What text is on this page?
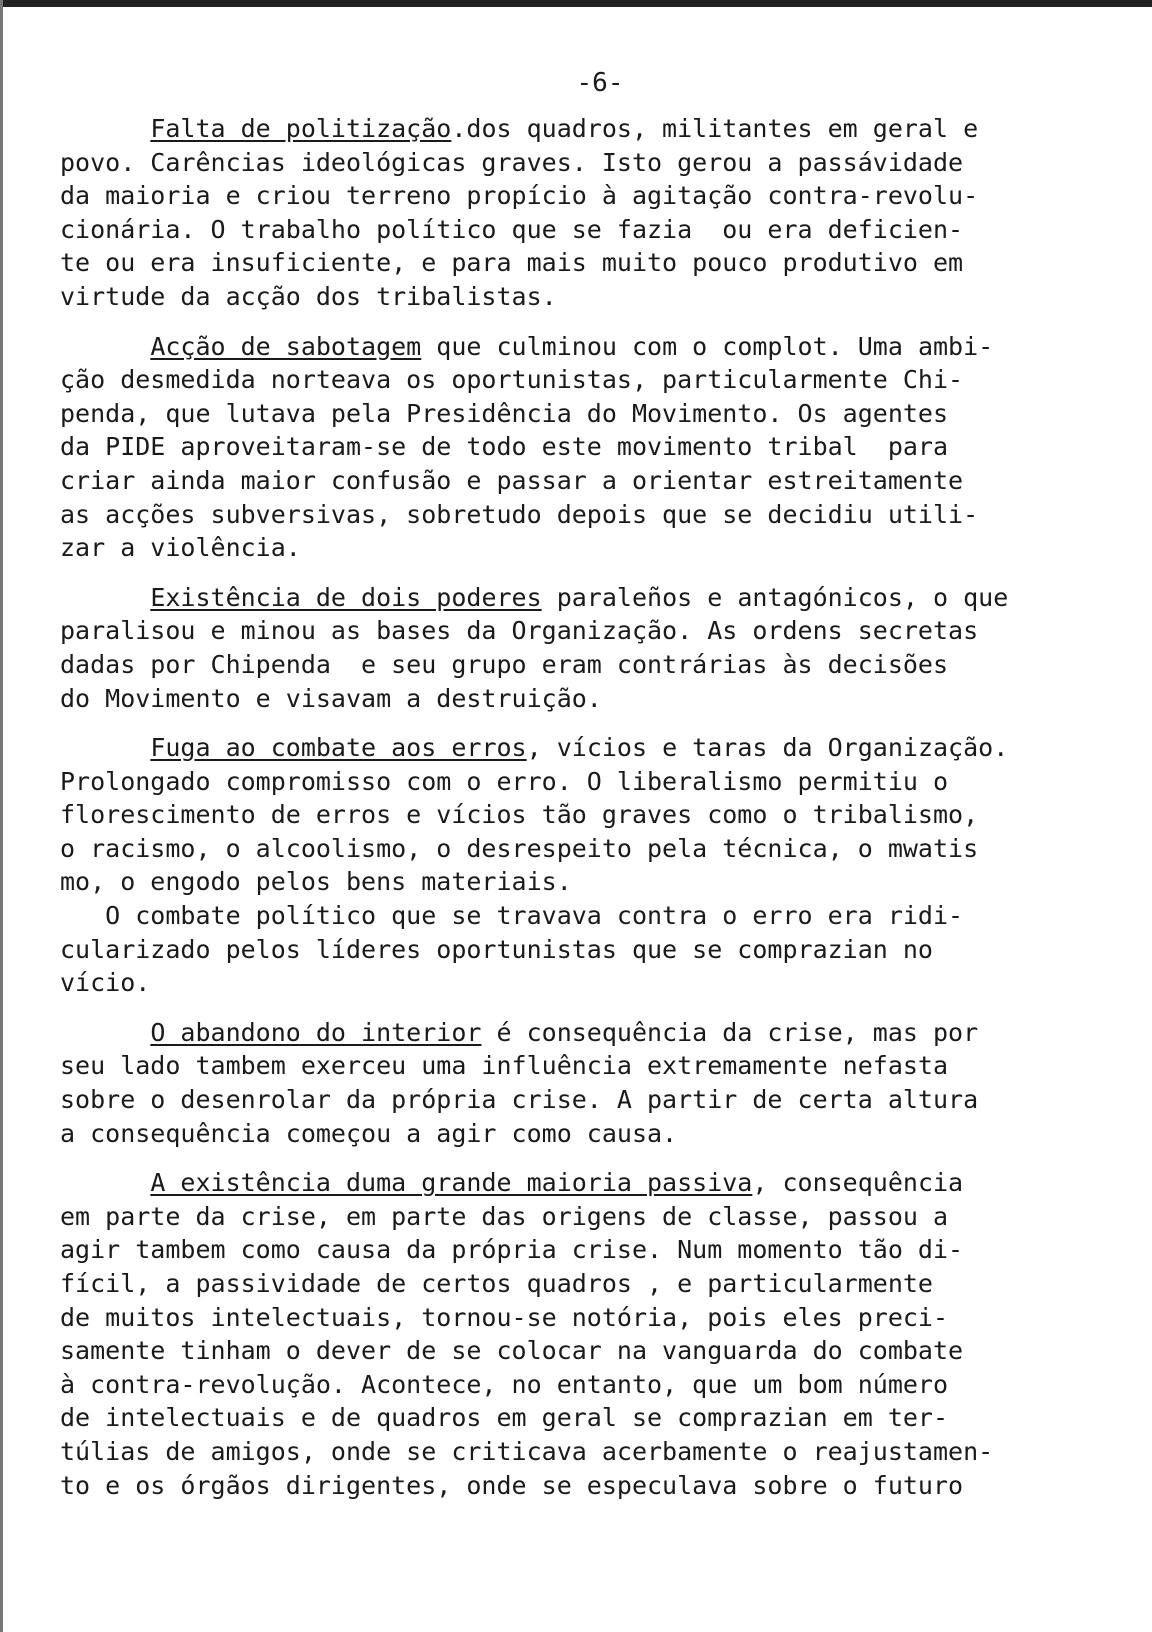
-6-
Falta de politização.dos quadros, militantes em geral e
povo. Carências ideológicas graves. Isto gerou a passávidade
da maioria e criou terreno propício à agitação contra-revolu-
cionária. O trabalho político que se fazia  ou era deficien-
te ou era insuficiente, e para mais muito pouco produtivo em
virtude da acção dos tribalistas.
Acção de sabotagem que culminou com o complot. Uma ambi-
ção desmedida norteava os oportunistas, particularmente Chi-
penda, que lutava pela Presidência do Movimento. Os agentes
da PIDE aproveitaram-se de todo este movimento tribal  para
criar ainda maior confusão e passar a orientar estreitamente
as acções subversivas, sobretudo depois que se decidiu utili-
zar a violência.
Existência de dois poderes paraleños e antagónicos, o que
paralisou e minou as bases da Organização. As ordens secretas
dadas por Chipenda  e seu grupo eram contrárias às decisões
do Movimento e visavam a destruição.
Fuga ao combate aos erros, vícios e taras da Organização.
Prolongado compromisso com o erro. O liberalismo permitiu o
florescimento de erros e vícios tão graves como o tribalismo,
o racismo, o alcoolismo, o desrespeito pela técnica, o mwatis
mo, o engodo pelos bens materiais.
O combate político que se travava contra o erro era ridi-
cularizado pelos líderes oportunistas que se comprazian no
vício.
O abandono do interior é consequência da crise, mas por
seu lado tambem exerceu uma influência extremamente nefasta
sobre o desenrolar da própria crise. A partir de certa altura
a consequência começou a agir como causa.
A existência duma grande maioria passiva, consequência
em parte da crise, em parte das origens de classe, passou a
agir tambem como causa da própria crise. Num momento tão di-
fícil, a passividade de certos quadros , e particularmente
de muitos intelectuais, tornou-se notória, pois eles preci-
samente tinham o dever de se colocar na vanguarda do combate
à contra-revolução. Acontece, no entanto, que um bom número
de intelectuais e de quadros em geral se comprazian em ter-
túlias de amigos, onde se criticava acerbamente o reajustamen-
to e os órgãos dirigentes, onde se especulava sobre o futuro
